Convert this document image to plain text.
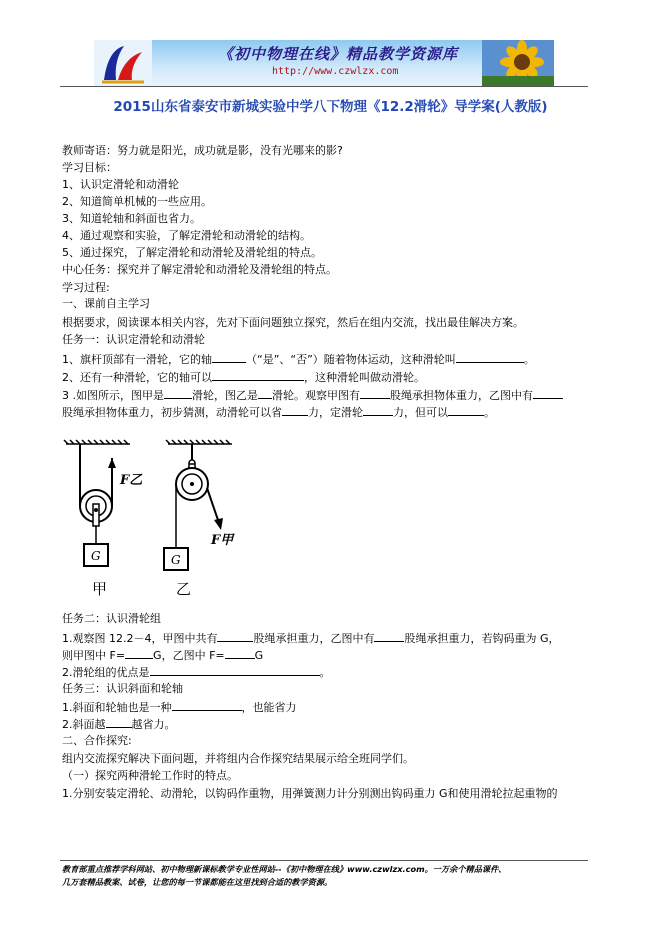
《初中物理在线》精品教学资源库
http://www.czwlzx.com
2015山东省泰安市新城实验中学八下物理《12.2滑轮》导学案(人教版)
教师寄语：努力就是阳光，成功就是影，没有光哪来的影?
学习目标：
1、认识定滑轮和动滑轮
2、知道简单机械的一些应用。
3、知道轮轴和斜面也省力。
4、通过观察和实验，了解定滑轮和动滑轮的结构。
5、通过探究，了解定滑轮和动滑轮及滑轮组的特点。
中心任务：探究并了解定滑轮和动滑轮及滑轮组的特点。
学习过程:
一、课前自主学习
根据要求，阅读课本相关内容，先对下面问题独立探究，然后在组内交流，找出最佳解决方案。
任务一：认识定滑轮和动滑轮
1、旗杆顶部有一滑轮，它的轴	（“是”、“否”）随着物体运动，这种滑轮叫	。
2、还有一种滑轮，它的轴可以	，这种滑轮叫做动滑轮。
3 .如图所示，图甲是	滑轮，图乙是 滑轮。观察甲图有	股绳承担物体重力，乙图中有
股绳承担物体重力，初步猜测，动滑轮可以省 力，定滑轮	力，但可以	。
F乙
G	G
F甲
甲	乙
任务二：认识滑轮组
1.观察图 12.2－4，甲图中共有	股绳承担重力，乙图中有	股绳承担重力，若钩码重为 G，
则甲图中 F=	G，乙图中 F=	G
2.滑轮组的优点是	。
任务三：认识斜面和轮轴
1.斜面和轮轴也是一种	，也能省力
2.斜面越 越省力。
二、合作探究:
组内交流探究解决下面问题，并将组内合作探究结果展示给全班同学们。
（一）探究两种滑轮工作时的特点。
1.分别安装定滑轮、动滑轮，以钩码作重物，用弹簧测力计分别测出钩码重力 G和使用滑轮拉起重物的
教育部重点推荐学科网站、初中物理新课标教学专业性网站--《初中物理在线》www.czwlzx.com。一万余个精品课件、
几万套精品教案、试卷，让您的每一节课都能在这里找到合适的教学资源。
